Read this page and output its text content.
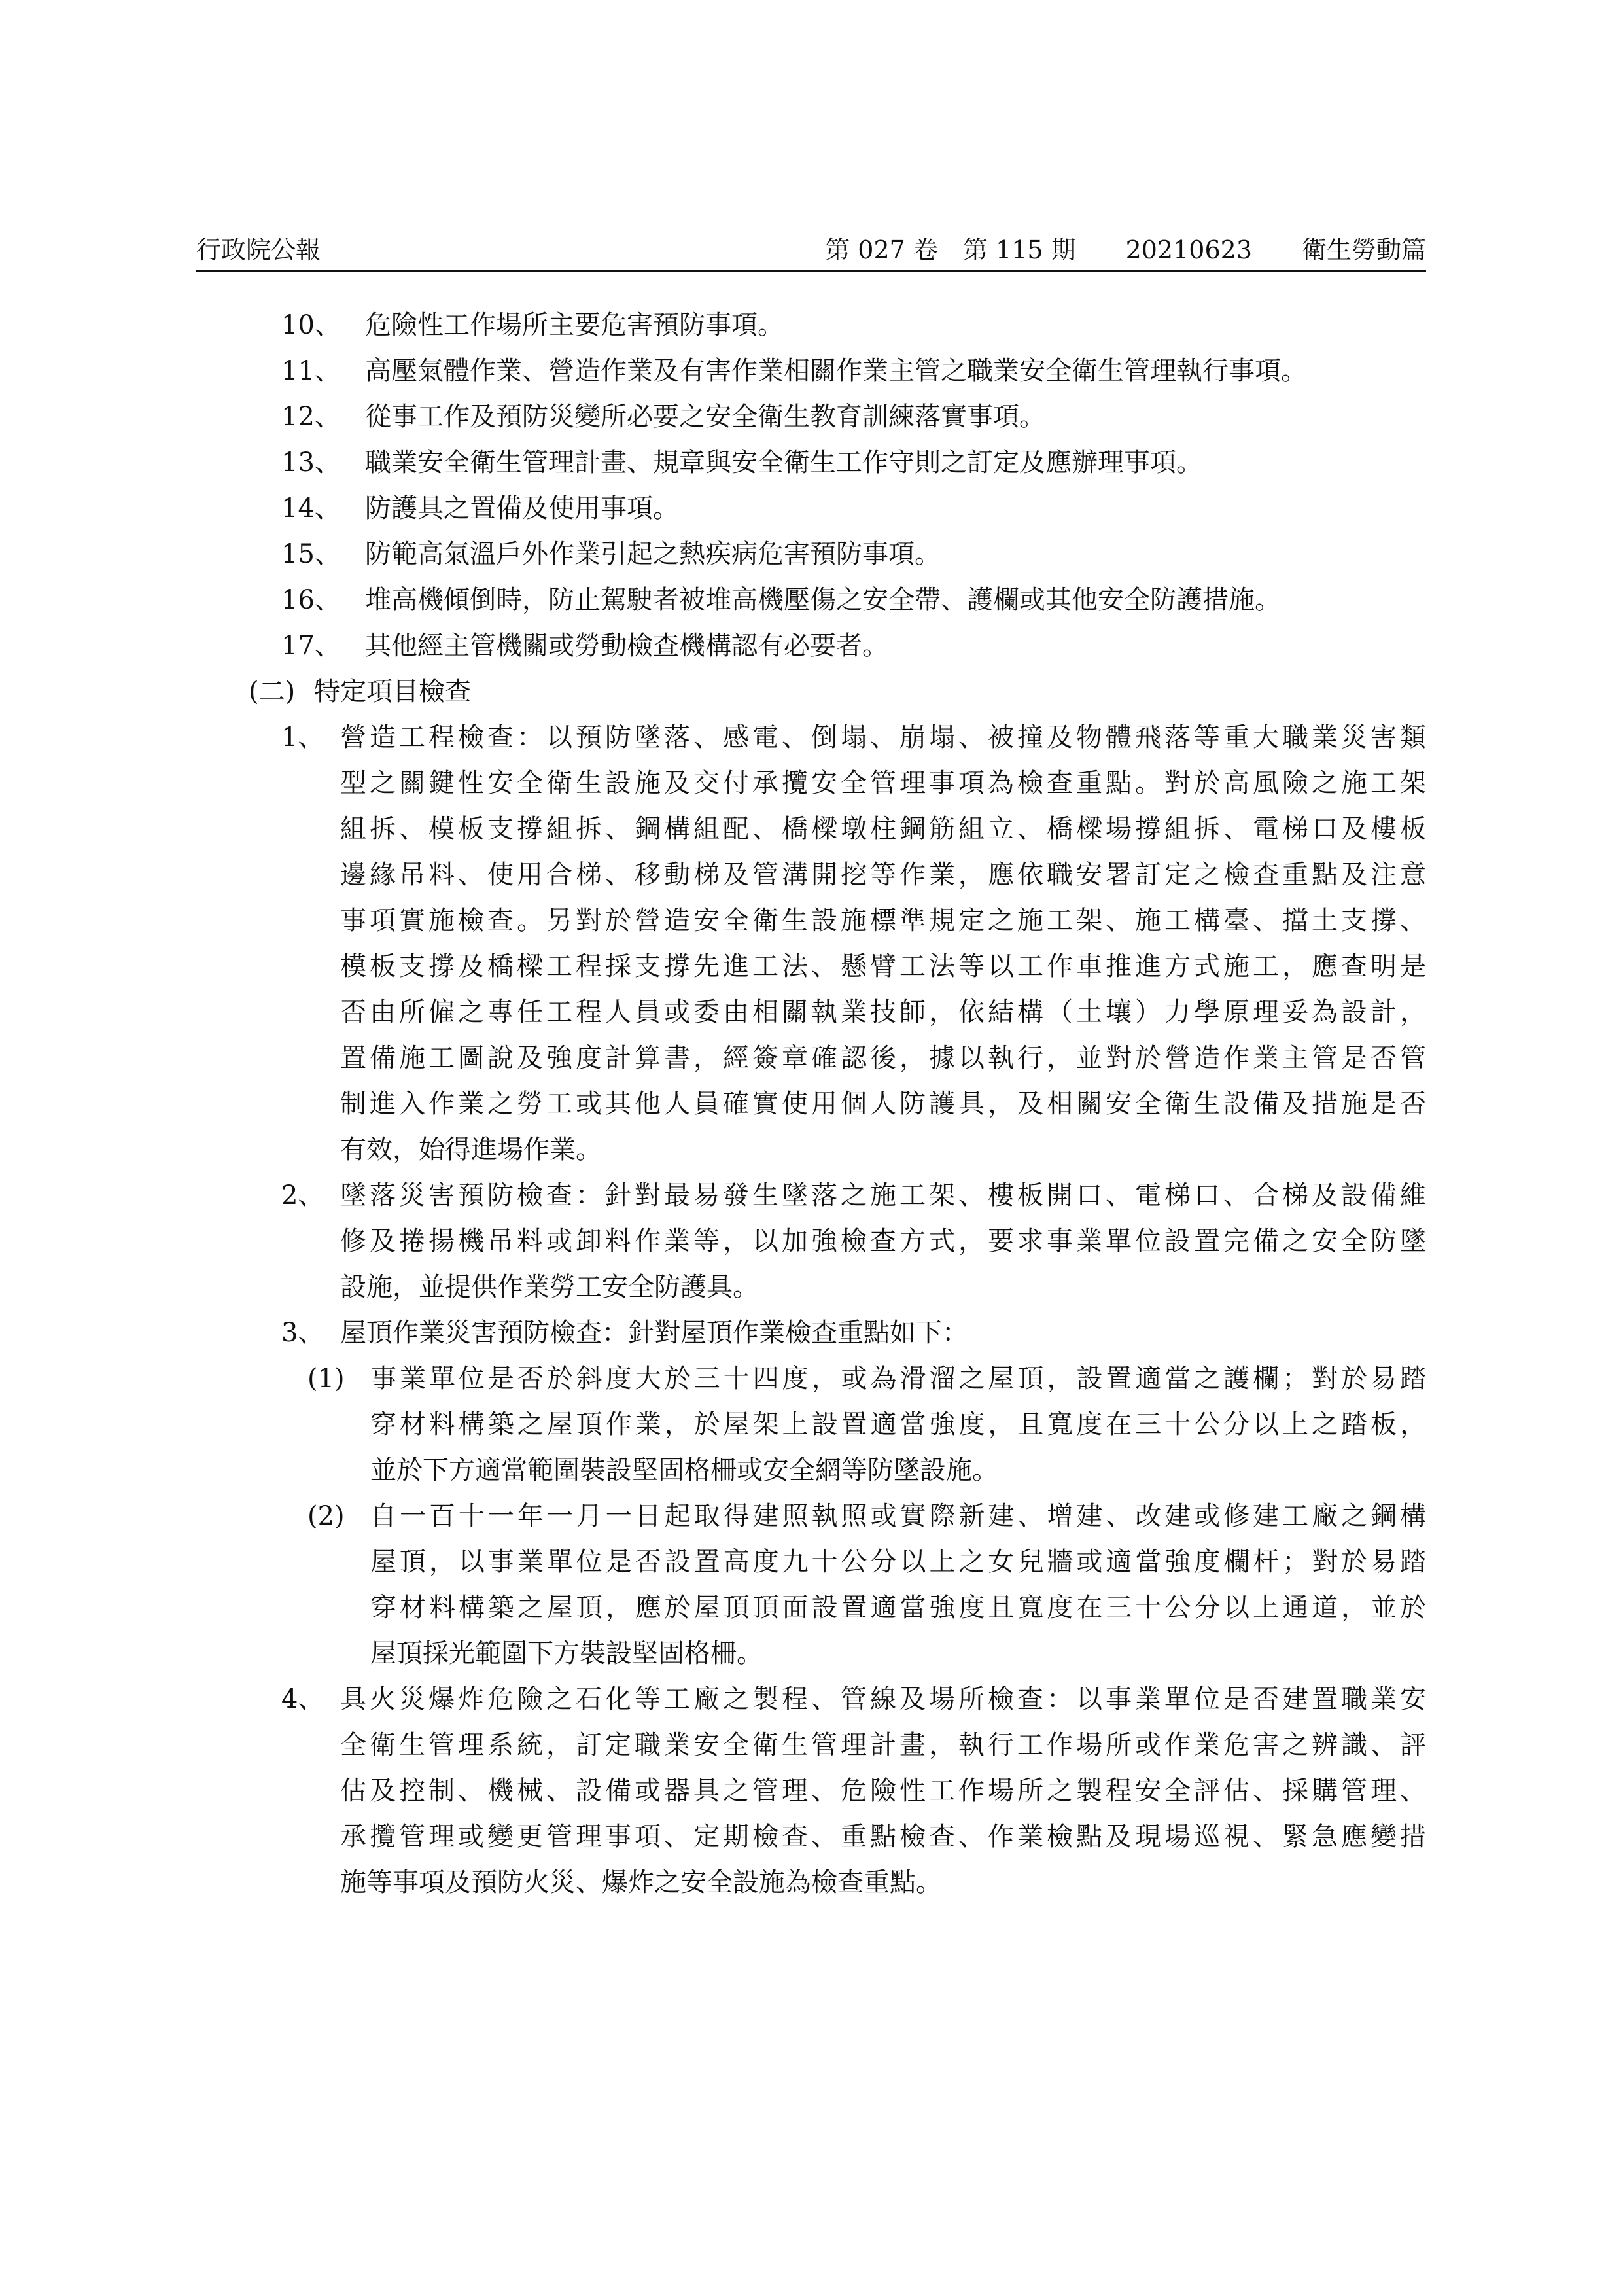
行政院公報	第 027 卷　第 115 期　　20210623　　衛生勞動篇
10、 危險性工作場所主要危害預防事項。
11、 高壓氣體作業、營造作業及有害作業相關作業主管之職業安全衛生管理執行事項。
12、 從事工作及預防災變所必要之安全衛生教育訓練落實事項。
13、 職業安全衛生管理計畫、規章與安全衛生工作守則之訂定及應辦理事項。
14、 防護具之置備及使用事項。
15、 防範高氣溫戶外作業引起之熱疾病危害預防事項。
16、 堆高機傾倒時，防止駕駛者被堆高機壓傷之安全帶、護欄或其他安全防護措施。
17、 其他經主管機關或勞動檢查機構認有必要者。
(二) 特定項目檢查
營造工程檢查：以預防墜落、感電、倒塌、崩塌、被撞及物體飛落等重大職業災害類
型之關鍵性安全衛生設施及交付承攬安全管理事項為檢查重點。對於高風險之施工架
組拆、模板支撐組拆、鋼構組配、橋樑墩柱鋼筋組立、橋樑場撐組拆、電梯口及樓板
邊緣吊料、使用合梯、移動梯及管溝開挖等作業，應依職安署訂定之檢查重點及注意
事項實施檢查。另對於營造安全衛生設施標準規定之施工架、施工構臺、擋土支撐、
模板支撐及橋樑工程採支撐先進工法、懸臂工法等以工作車推進方式施工，應查明是
否由所僱之專任工程人員或委由相關執業技師，依結構（土壤）力學原理妥為設計，
置備施工圖說及強度計算書，經簽章確認後，據以執行，並對於營造作業主管是否管
制進入作業之勞工或其他人員確實使用個人防護具，及相關安全衛生設備及措施是否
有效，始得進場作業。
墜落災害預防檢查：針對最易發生墜落之施工架、樓板開口、電梯口、合梯及設備維
修及捲揚機吊料或卸料作業等，以加強檢查方式，要求事業單位設置完備之安全防墜
設施，並提供作業勞工安全防護具。
屋頂作業災害預防檢查：針對屋頂作業檢查重點如下：
事業單位是否於斜度大於三十四度，或為滑溜之屋頂，設置適當之護欄；對於易踏
穿材料構築之屋頂作業，於屋架上設置適當強度，且寬度在三十公分以上之踏板，
並於下方適當範圍裝設堅固格柵或安全網等防墜設施。
自一百十一年一月一日起取得建照執照或實際新建、增建、改建或修建工廠之鋼構
屋頂，以事業單位是否設置高度九十公分以上之女兒牆或適當強度欄杆；對於易踏
穿材料構築之屋頂，應於屋頂頂面設置適當強度且寬度在三十公分以上通道，並於
屋頂採光範圍下方裝設堅固格柵。
具火災爆炸危險之石化等工廠之製程、管線及場所檢查：以事業單位是否建置職業安
全衛生管理系統，訂定職業安全衛生管理計畫，執行工作場所或作業危害之辨識、評
估及控制、機械、設備或器具之管理、危險性工作場所之製程安全評估、採購管理、
承攬管理或變更管理事項、定期檢查、重點檢查、作業檢點及現場巡視、緊急應變措
施等事項及預防火災、爆炸之安全設施為檢查重點。
1、
2、
3、
(1)
(2)
4、
